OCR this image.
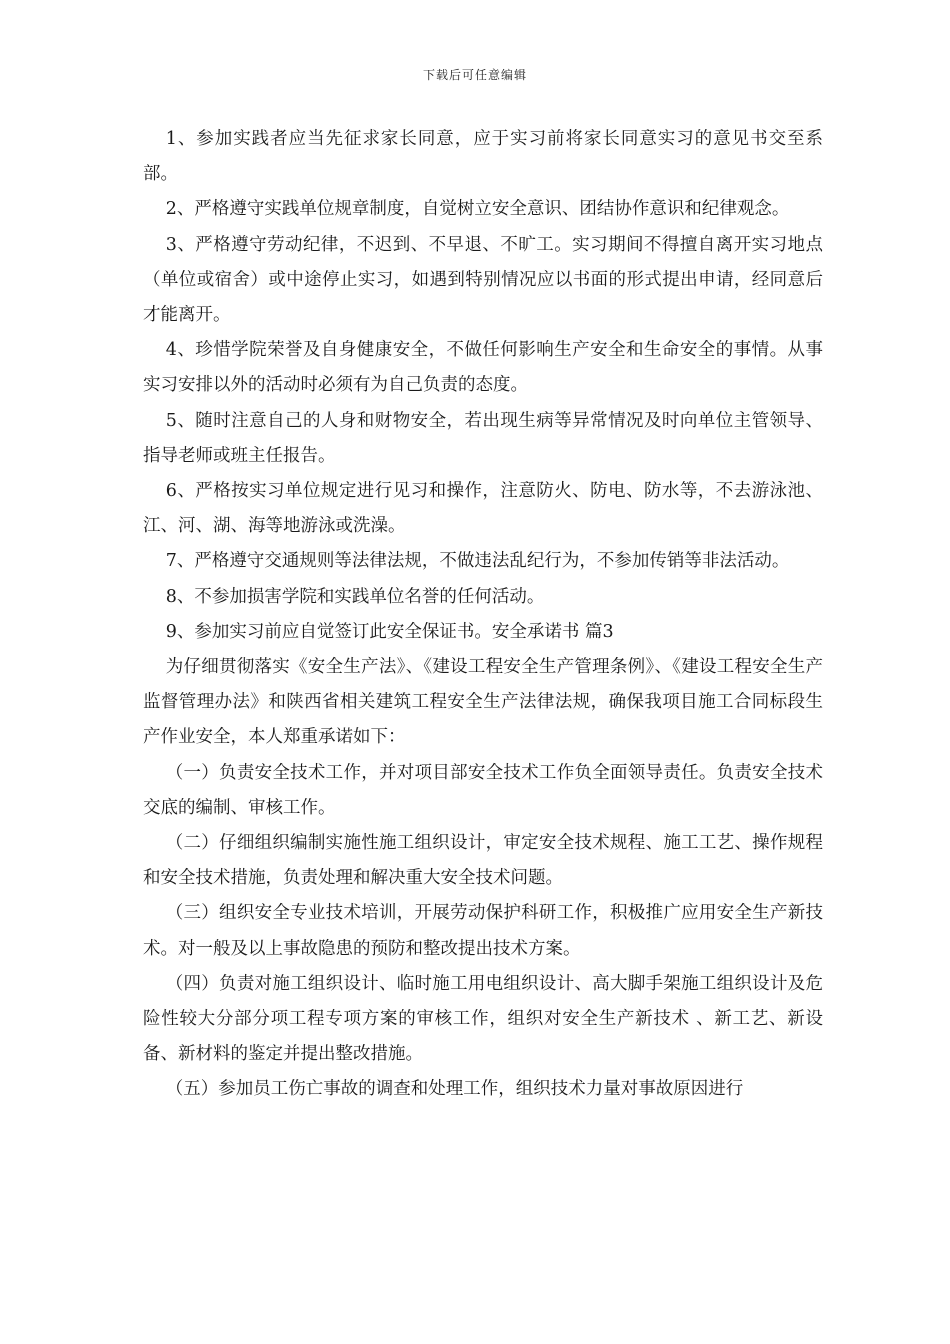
下载后可任意编辑

1、参加实践者应当先征求家长同意，应于实习前将家长同意实习的意见书交至系部。

2、严格遵守实践单位规章制度，自觉树立安全意识、团结协作意识和纪律观念。

3、严格遵守劳动纪律，不迟到、不早退、不旷工。实习期间不得擅自离开实习地点（单位或宿舍）或中途停止实习，如遇到特别情况应以书面的形式提出申请，经同意后才能离开。

4、珍惜学院荣誉及自身健康安全，不做任何影响生产安全和生命安全的事情。从事实习安排以外的活动时必须有为自己负责的态度。

5、随时注意自己的人身和财物安全，若出现生病等异常情况及时向单位主管领导、指导老师或班主任报告。

6、严格按实习单位规定进行见习和操作，注意防火、防电、防水等，不去游泳池、江、河、湖、海等地游泳或洗澡。

7、严格遵守交通规则等法律法规，不做违法乱纪行为，不参加传销等非法活动。

8、不参加损害学院和实践单位名誉的任何活动。

9、参加实习前应自觉签订此安全保证书。安全承诺书 篇3

为仔细贯彻落实《安全生产法》、《建设工程安全生产管理条例》、《建设工程安全生产监督管理办法》和陕西省相关建筑工程安全生产法律法规，确保我项目施工合同标段生产作业安全，本人郑重承诺如下：

（一）负责安全技术工作，并对项目部安全技术工作负全面领导责任。负责安全技术交底的编制、审核工作。

（二）仔细组织编制实施性施工组织设计，审定安全技术规程、施工工艺、操作规程和安全技术措施，负责处理和解决重大安全技术问题。

（三）组织安全专业技术培训，开展劳动保护科研工作，积极推广应用安全生产新技术。对一般及以上事故隐患的预防和整改提出技术方案。

（四）负责对施工组织设计、临时施工用电组织设计、高大脚手架施工组织设计及危险性较大分部分项工程专项方案的审核工作，组织对安全生产新技术 、新工艺、新设备、新材料的鉴定并提出整改措施。

（五）参加员工伤亡事故的调查和处理工作，组织技术力量对事故原因进行
